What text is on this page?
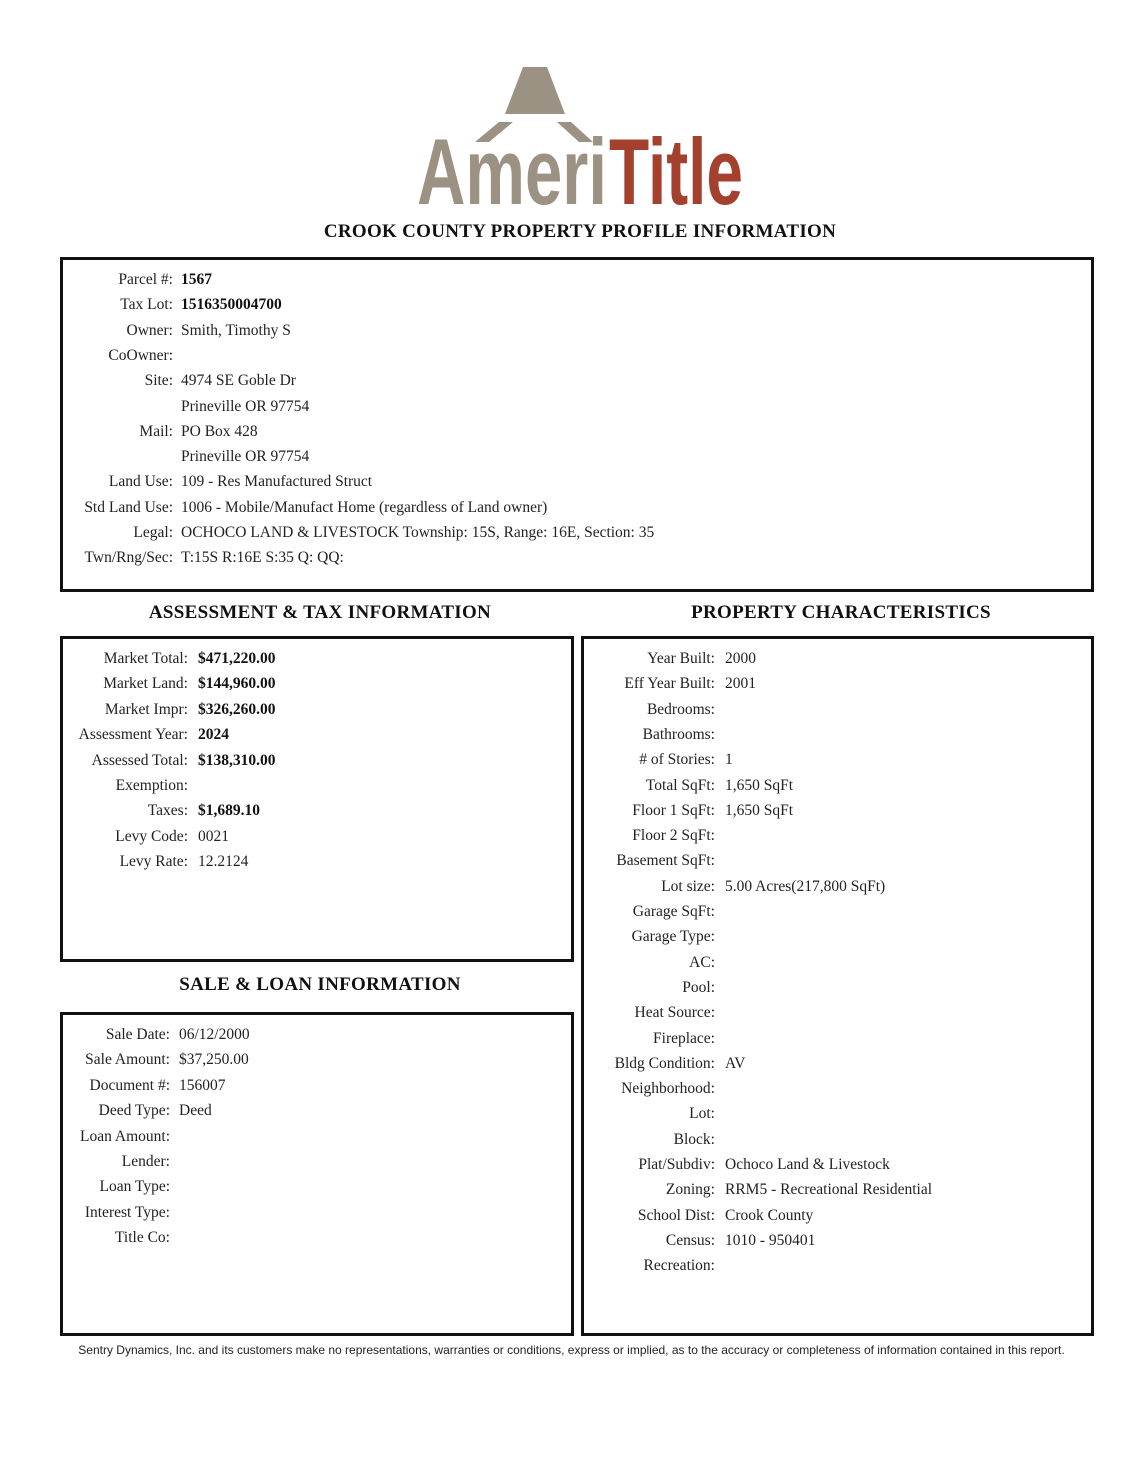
Ameri Title
CROOK COUNTY PROPERTY PROFILE INFORMATION
Parcel #: 1567
Tax Lot: 1516350004700
Owner: Smith, Timothy S
CoOwner:
Site: 4974 SE Goble Dr
Prineville OR 97754
Mail: PO Box 428
Prineville OR 97754
Land Use: 109 - Res Manufactured Struct
Std Land Use: 1006 - Mobile/Manufact Home (regardless of Land owner)
Legal: OCHOCO LAND & LIVESTOCK Township: 15S, Range: 16E, Section: 35
Twn/Rng/Sec: T:15S R:16E S:35 Q: QQ:
ASSESSMENT & TAX INFORMATION
Market Total: $471,220.00
Market Land: $144,960.00
Market Impr: $326,260.00
Assessment Year: 2024
Assessed Total: $138,310.00
Exemption:
Taxes: $1,689.10
Levy Code: 0021
Levy Rate: 12.2124
SALE & LOAN INFORMATION
Sale Date: 06/12/2000
Sale Amount: $37,250.00
Document #: 156007
Deed Type: Deed
Loan Amount:
Lender:
Loan Type:
Interest Type:
Title Co:
PROPERTY CHARACTERISTICS
Year Built: 2000
Eff Year Built: 2001
Bedrooms:
Bathrooms:
# of Stories: 1
Total SqFt: 1,650 SqFt
Floor 1 SqFt: 1,650 SqFt
Floor 2 SqFt:
Basement SqFt:
Lot size: 5.00 Acres(217,800 SqFt)
Garage SqFt:
Garage Type:
AC:
Pool:
Heat Source:
Fireplace:
Bldg Condition: AV
Neighborhood:
Lot:
Block:
Plat/Subdiv: Ochoco Land & Livestock
Zoning: RRM5 - Recreational Residential
School Dist: Crook County
Census: 1010 - 950401
Recreation:
Sentry Dynamics, Inc. and its customers make no representations, warranties or conditions, express or implied, as to the accuracy or completeness of information contained in this report.
